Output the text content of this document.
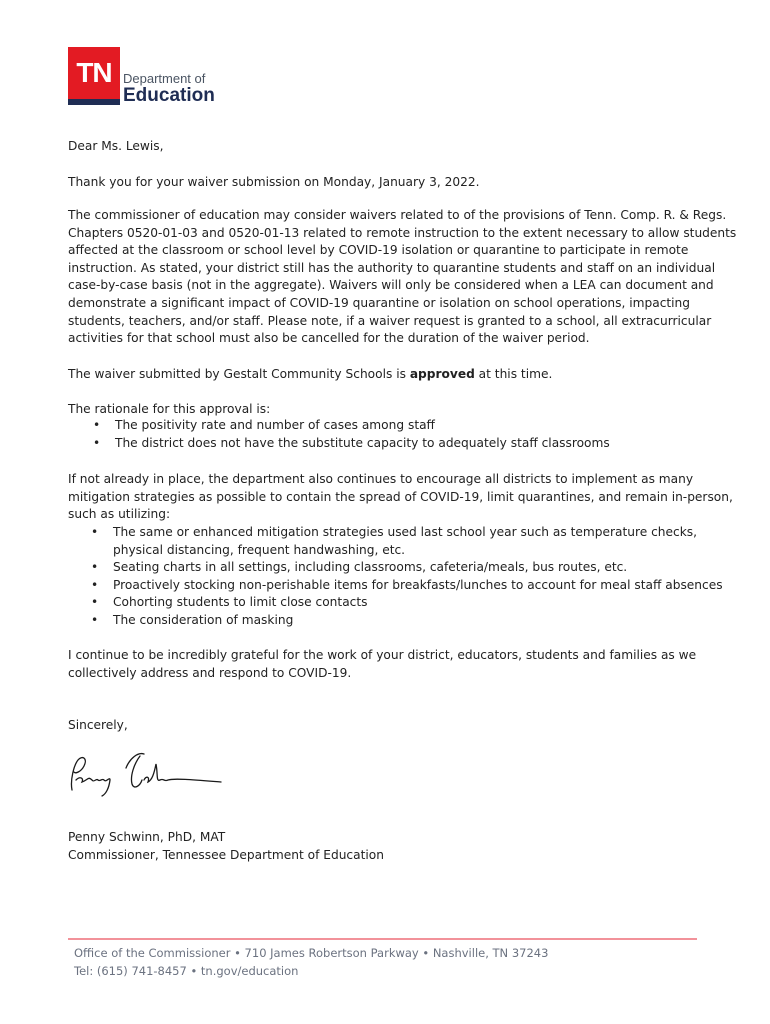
TN Department of
Education
Dear Ms. Lewis,
Thank you for your waiver submission on Monday, January 3, 2022.
The commissioner of education may consider waivers related to of the provisions of Tenn. Comp. R. & Regs.
Chapters 0520-01-03 and 0520-01-13 related to remote instruction to the extent necessary to allow students
affected at the classroom or school level by COVID-19 isolation or quarantine to participate in remote
instruction. As stated, your district still has the authority to quarantine students and staff on an individual
case-by-case basis (not in the aggregate). Waivers will only be considered when a LEA can document and
demonstrate a significant impact of COVID-19 quarantine or isolation on school operations, impacting
students, teachers, and/or staff. Please note, if a waiver request is granted to a school, all extracurricular
activities for that school must also be cancelled for the duration of the waiver period.
The waiver submitted by Gestalt Community Schools is approved at this time.
The rationale for this approval is:
• The positivity rate and number of cases among staff
• The district does not have the substitute capacity to adequately staff classrooms
If not already in place, the department also continues to encourage all districts to implement as many
mitigation strategies as possible to contain the spread of COVID-19, limit quarantines, and remain in-person,
such as utilizing:
• The same or enhanced mitigation strategies used last school year such as temperature checks,
physical distancing, frequent handwashing, etc.
• Seating charts in all settings, including classrooms, cafeteria/meals, bus routes, etc.
• Proactively stocking non-perishable items for breakfasts/lunches to account for meal staff absences
• Cohorting students to limit close contacts
• The consideration of masking
I continue to be incredibly grateful for the work of your district, educators, students and families as we
collectively address and respond to COVID-19.
Sincerely,
Penny Schwinn, PhD, MAT
Commissioner, Tennessee Department of Education
Office of the Commissioner • 710 James Robertson Parkway • Nashville, TN 37243
Tel: (615) 741-8457 • tn.gov/education
